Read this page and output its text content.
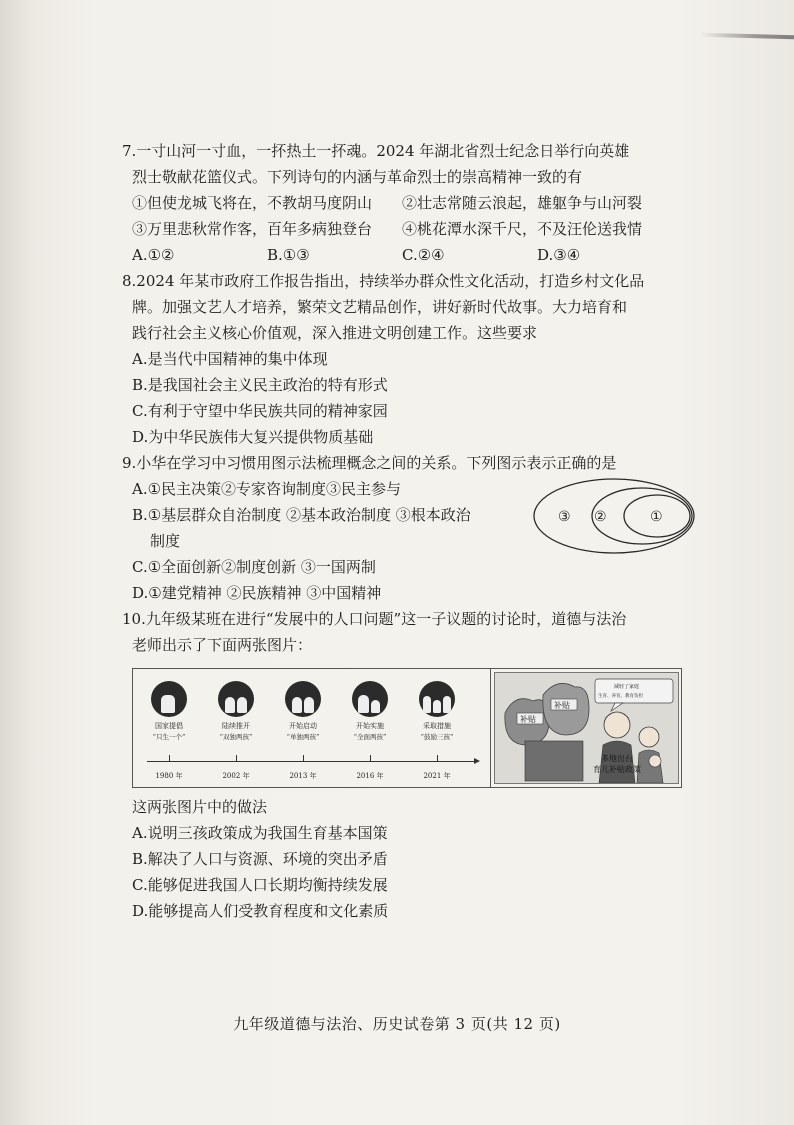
7.一寸山河一寸血，一抔热土一抔魂。2024 年湖北省烈士纪念日举行向英雄
烈士敬献花篮仪式。下列诗句的内涵与革命烈士的崇高精神一致的有
①但使龙城飞将在，不教胡马度阴山	②壮志常随云浪起，雄躯争与山河裂
③万里悲秋常作客，百年多病独登台	④桃花潭水深千尺，不及汪伦送我情
A.①②	B.①③	C.②④	D.③④
8.2024 年某市政府工作报告指出，持续举办群众性文化活动，打造乡村文化品
牌。加强文艺人才培养，繁荣文艺精品创作，讲好新时代故事。大力培育和
践行社会主义核心价值观，深入推进文明创建工作。这些要求
A.是当代中国精神的集中体现
B.是我国社会主义民主政治的特有形式
C.有利于守望中华民族共同的精神家园
D.为中华民族伟大复兴提供物质基础
9.小华在学习中习惯用图示法梳理概念之间的关系。下列图示表示正确的是
A.①民主决策②专家咨询制度③民主参与
B.①基层群众自治制度 ②基本政治制度 ③根本政治
制度
C.①全面创新②制度创新 ③一国两制
D.①建党精神 ②民族精神 ③中国精神
③ ②	①
10.九年级某班在进行“发展中的人口问题”这一子议题的讨论时，道德与法治
老师出示了下面两张图片：
国家提倡
“只生一个”
陆续推开
“双独两孩”
开始启动
“单独两孩”
开始实施
“全面两孩”
采取措施
“鼓励三孩”
1980 年	2002 年	2013 年	2016 年	2021 年
补贴
补贴
减轻了家庭
生育、养育、教育负担
多地出台
育儿补贴政策
这两张图片中的做法
A.说明三孩政策成为我国生育基本国策
B.解决了人口与资源、环境的突出矛盾
C.能够促进我国人口长期均衡持续发展
D.能够提高人们受教育程度和文化素质
九年级道德与法治、历史试卷第 3 页(共 12 页)
